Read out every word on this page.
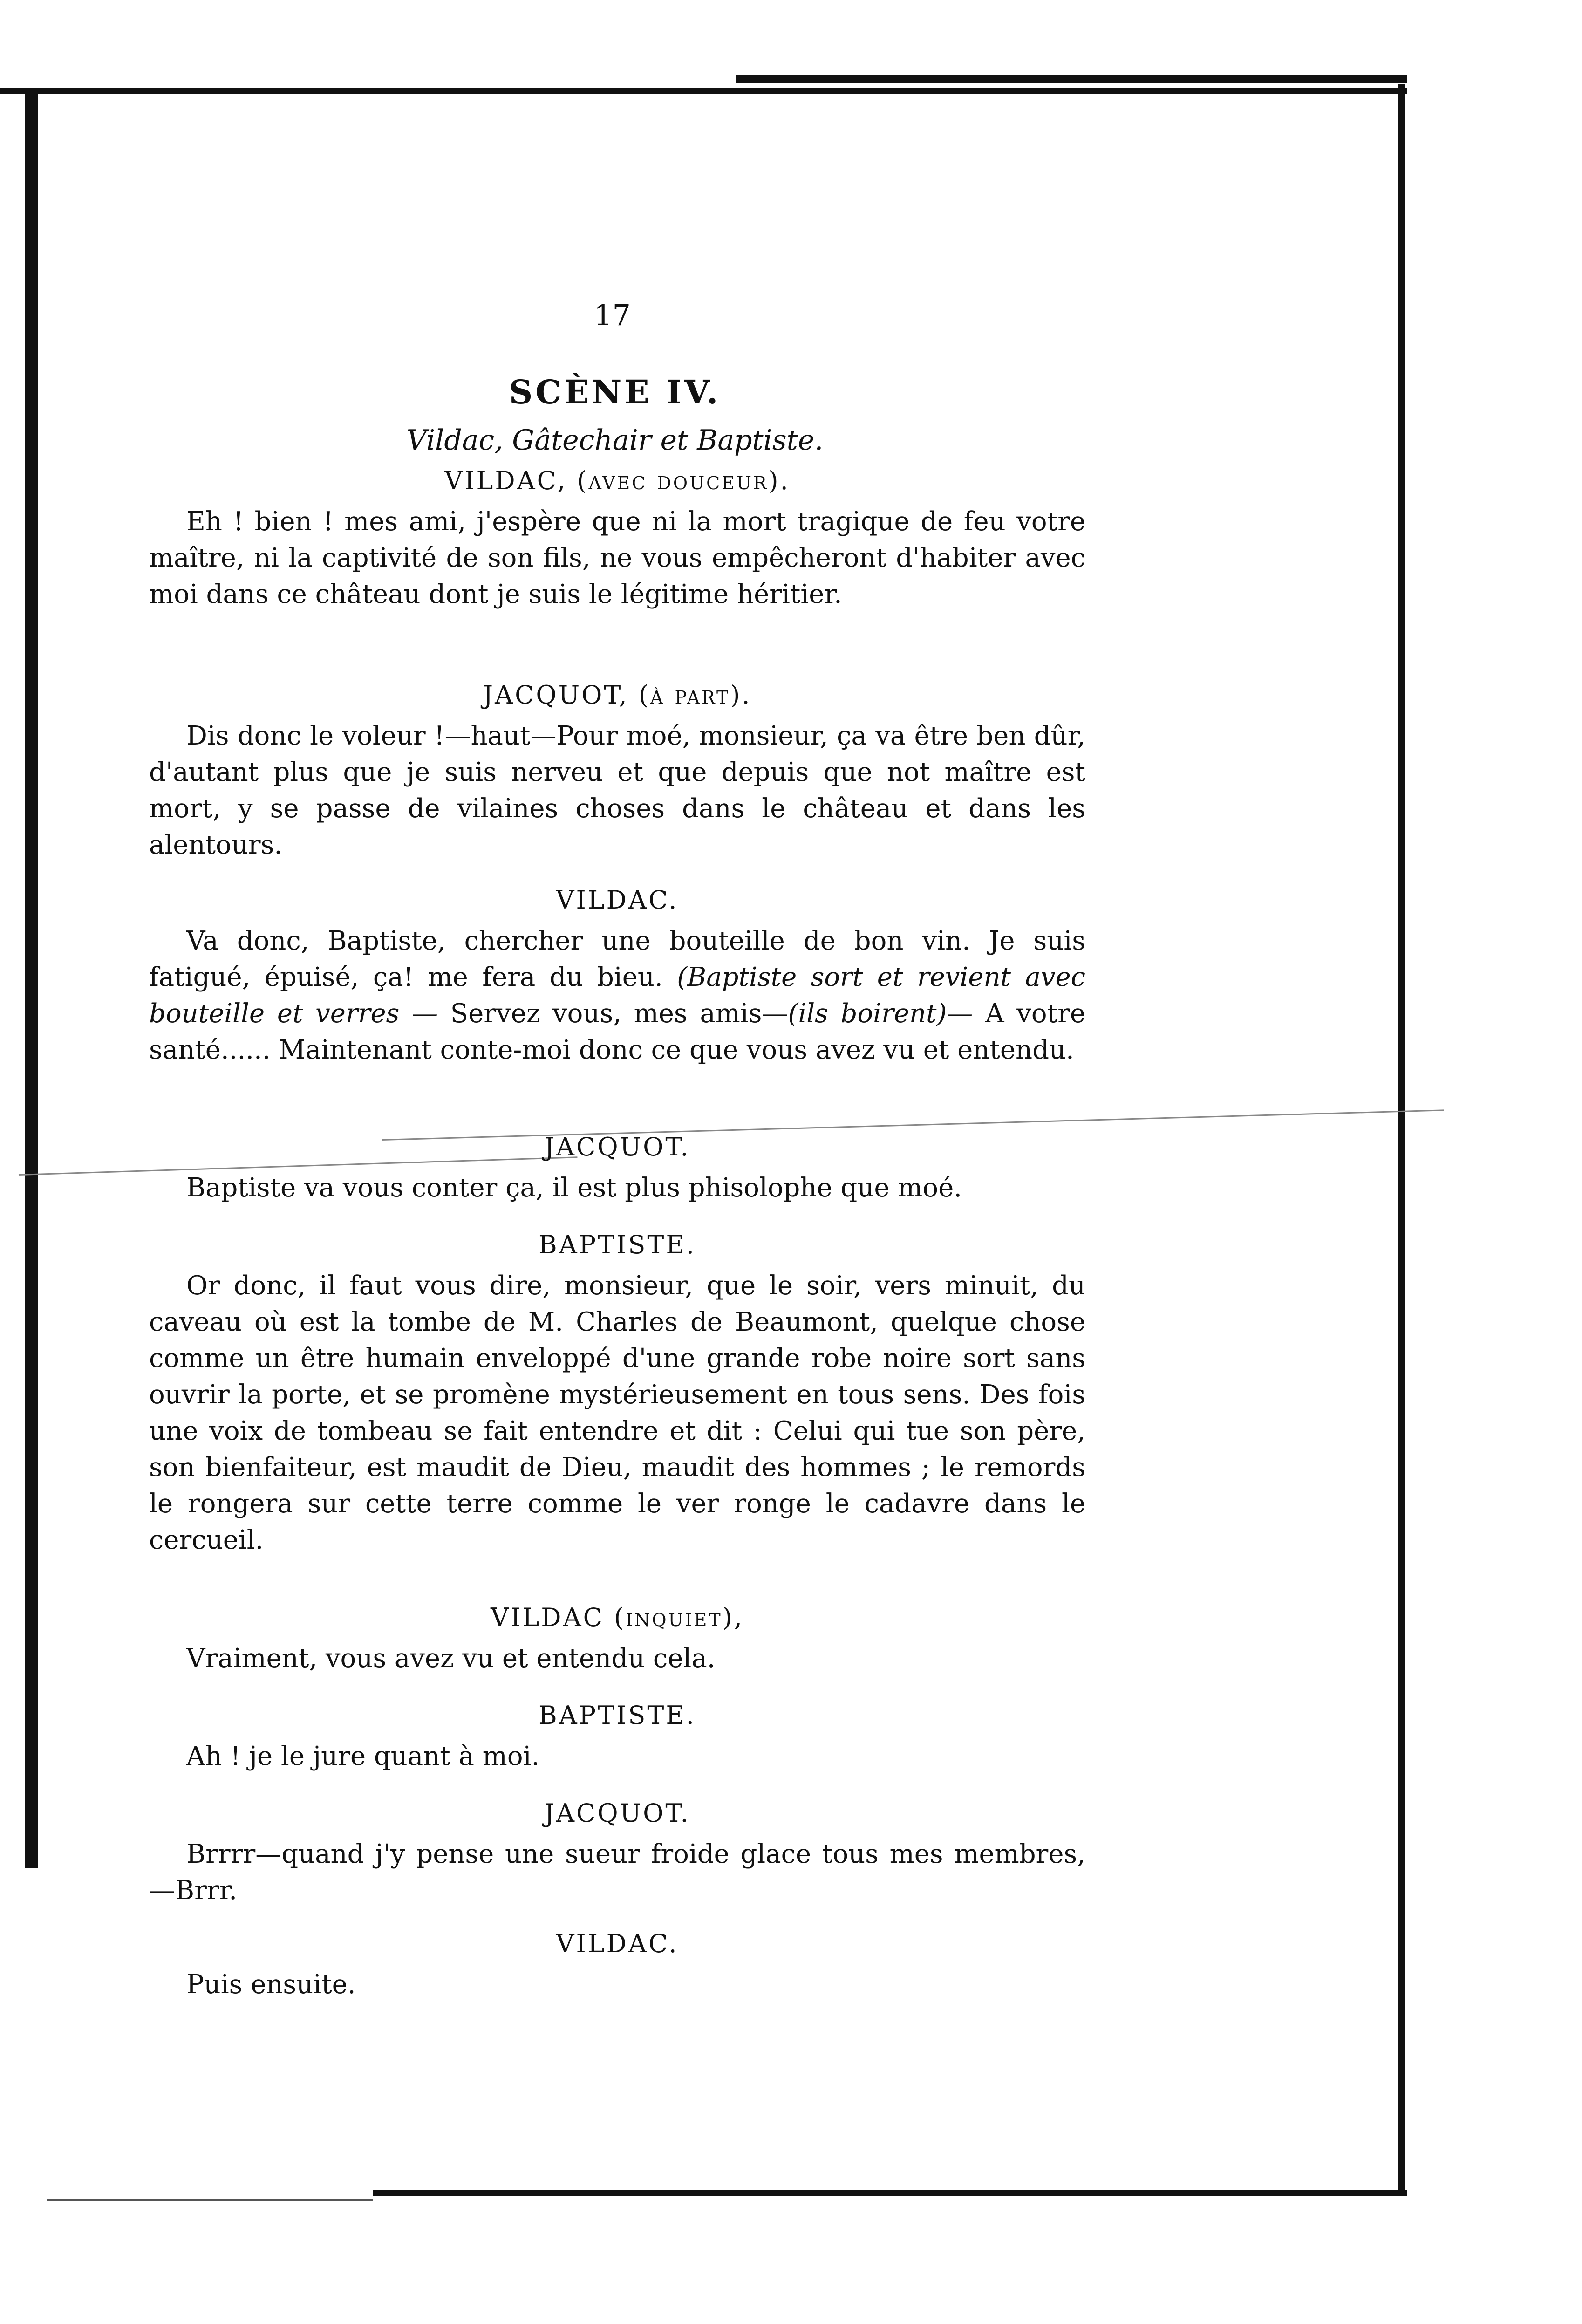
17
SCÈNE IV.
Vildac, Gâtechair et Baptiste.
VILDAC, (avec douceur).
Eh ! bien ! mes ami, j'espère que ni la mort tragique de feu votre maître, ni la captivité de son fils, ne vous empêcheront d'habiter avec moi dans ce château dont je suis le légitime héritier.
JACQUOT, (à part).
Dis donc le voleur !—haut—Pour moé, monsieur, ça va être ben dûr, d'autant plus que je suis nerveu et que depuis que not maître est mort, y se passe de vilaines choses dans le château et dans les alentours.
VILDAC.
Va donc, Baptiste, chercher une bouteille de bon vin. Je suis fatigué, épuisé, ça! me fera du bieu. (Baptiste sort et revient avec bouteille et verres — Servez vous, mes amis—(ils boirent)— A votre santé...... Maintenant conte-moi donc ce que vous avez vu et entendu.
JACQUOT.
Baptiste va vous conter ça, il est plus phisolophe que moé.
BAPTISTE.
Or donc, il faut vous dire, monsieur, que le soir, vers minuit, du caveau où est la tombe de M. Charles de Beaumont, quelque chose comme un être humain enveloppé d'une grande robe noire sort sans ouvrir la porte, et se promène mystérieusement en tous sens. Des fois une voix de tombeau se fait entendre et dit : Celui qui tue son père, son bienfaiteur, est maudit de Dieu, maudit des hommes ; le remords le rongera sur cette terre comme le ver ronge le cadavre dans le cercueil.
VILDAC (inquiet),
Vraiment, vous avez vu et entendu cela.
BAPTISTE.
Ah ! je le jure quant à moi.
JACQUOT.
Brrrr—quand j'y pense une sueur froide glace tous mes membres,—Brrr.
VILDAC.
Puis ensuite.
